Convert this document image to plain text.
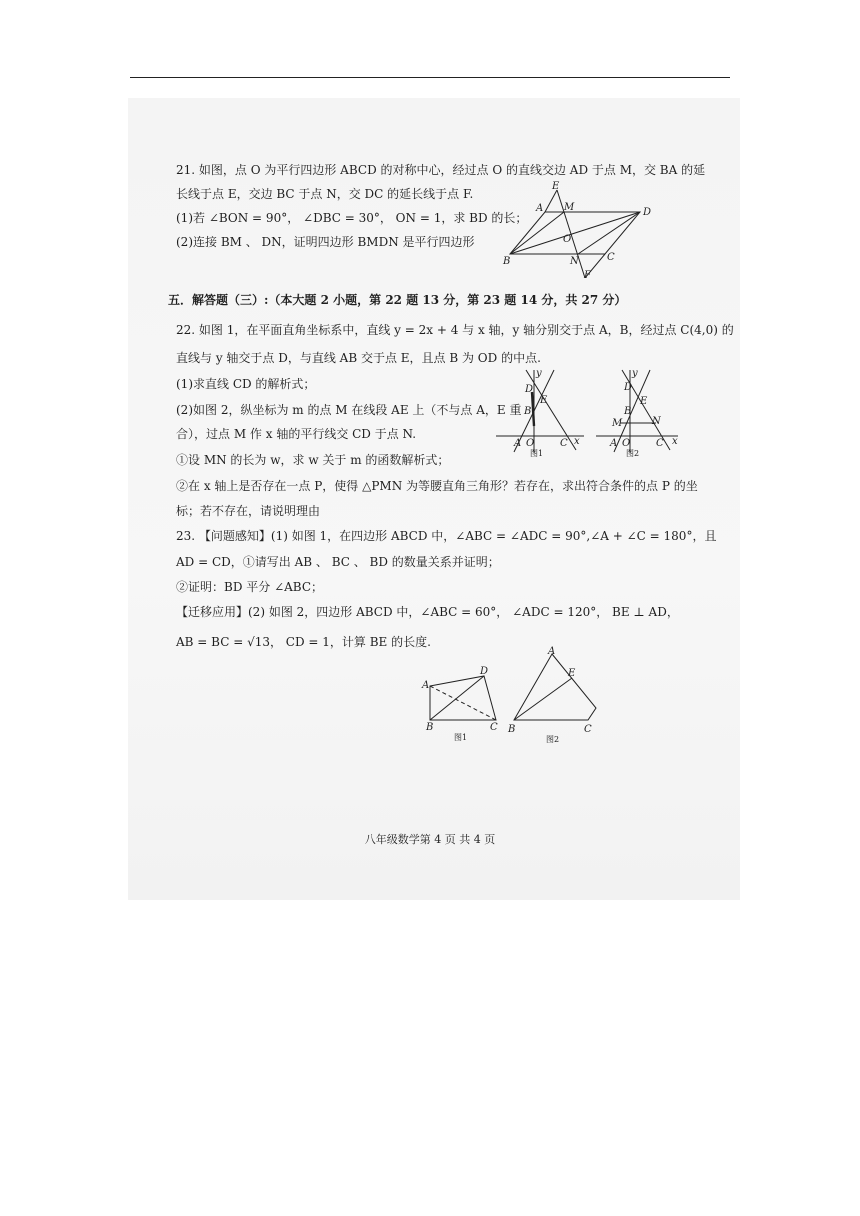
21. 如图，点 O 为平行四边形 ABCD 的对称中心，经过点 O 的直线交边 AD 于点 M，交 BA 的延
长线于点 E，交边 BC 于点 N，交 DC 的延长线于点 F.
(1)若 ∠BON = 90°， ∠DBC = 30°， ON = 1，求 BD 的长；
(2)连接 BM 、 DN，证明四边形 BMDN 是平行四边形
E
A M	D
O
B	N	C
F
五．解答题（三）:（本大题 2 小题，第 22 题 13 分，第 23 题 14 分，共 27 分）
22. 如图 1，在平面直角坐标系中，直线 y = 2x + 4 与 x 轴，y 轴分别交于点 A，B，经过点 C(4,0) 的
直线与 y 轴交于点 D，与直线 AB 交于点 E，且点 B 为 OD 的中点.
(1)求直线 CD 的解析式；
(2)如图 2，纵坐标为 m 的点 M 在线段 AE 上（不与点 A，E 重
合），过点 M 作 x 轴的平行线交 CD 于点 N.
①设 MN 的长为 w，求 w 关于 m 的函数解析式；
②在 x 轴上是否存在一点 P，使得 △PMN 为等腰直角三角形？若存在，求出符合条件的点 P 的坐
标；若不存在，请说明理由
y
D
E
B
A O	C x
图1
y
D
E
B
M	N
A O	C x
图2
23. 【问题感知】(1) 如图 1，在四边形 ABCD 中，∠ABC = ∠ADC = 90°,∠A + ∠C = 180°，且
AD = CD，①请写出 AB 、 BC 、 BD 的数量关系并证明；
②证明：BD 平分 ∠ABC；
【迁移应用】(2) 如图 2，四边形 ABCD 中，∠ABC = 60°， ∠ADC = 120°， BE ⊥ AD，
AB = BC = √13， CD = 1，计算 BE 的长度.
D
A
B	C
图1
A
E
B	C
图2
八年级数学第 4 页 共 4 页
